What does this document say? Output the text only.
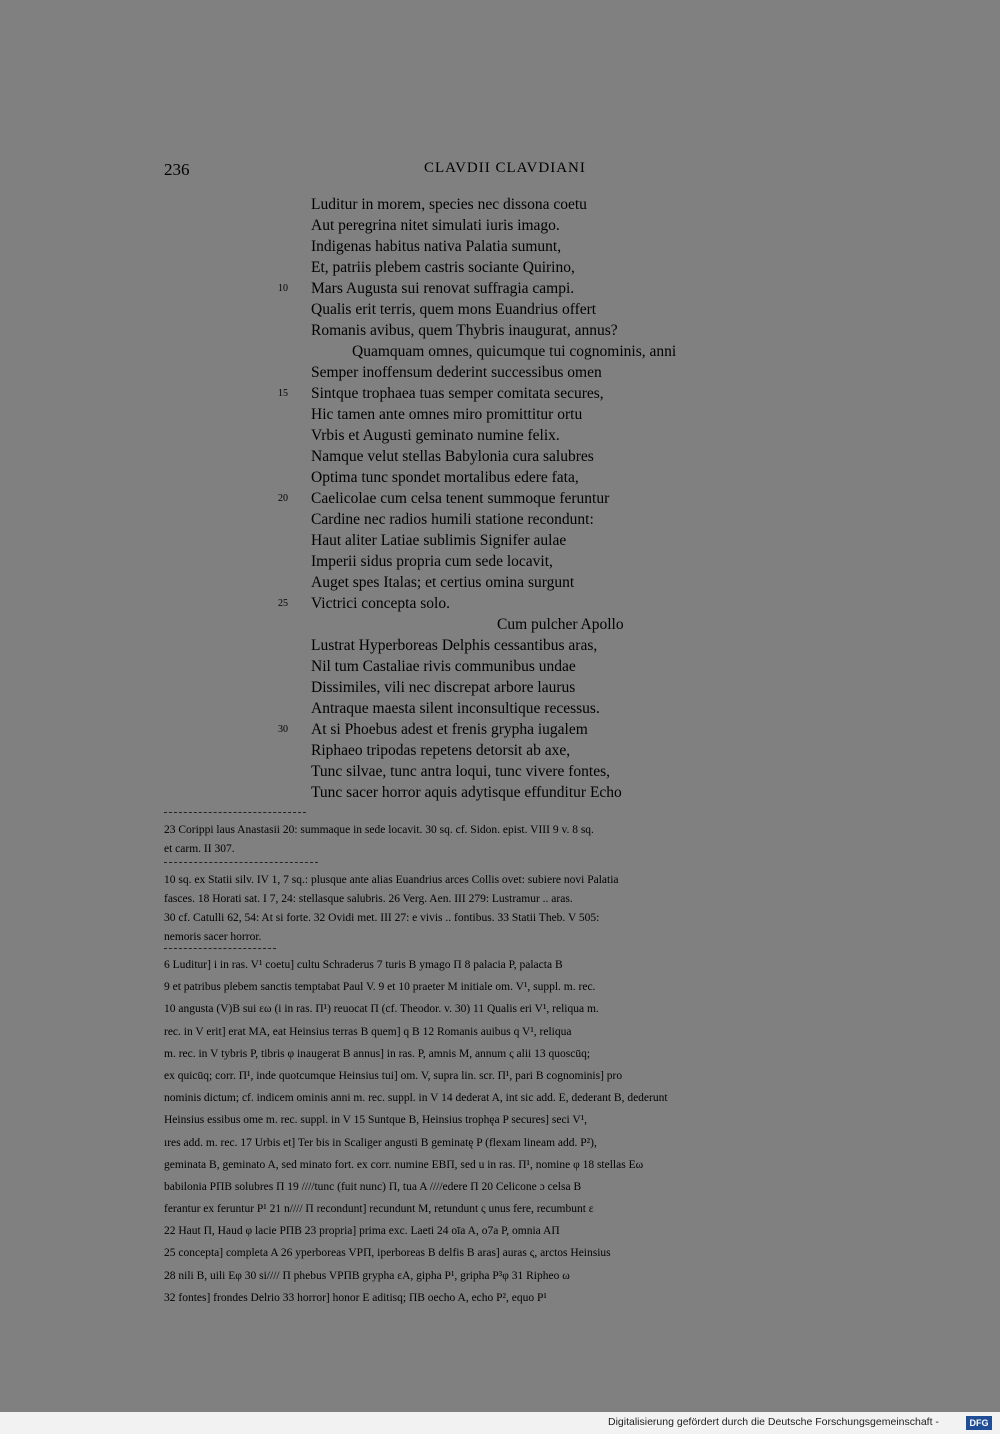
236	CLAVDII CLAVDIANI
Luditur in morem, species nec dissona coetu
Aut peregrina nitet simulati iuris imago.
Indigenas habitus nativa Palatia sumunt,
Et, patriis plebem castris sociante Quirino,
10 Mars Augusta sui renovat suffragia campi.
Qualis erit terris, quem mons Euandrius offert
Romanis avibus, quem Thybris inaugurat, annus?
Quamquam omnes, quicumque tui cognominis, anni
Semper inoffensum dederint successibus omen
15 Sintque trophaea tuas semper comitata secures,
Hic tamen ante omnes miro promittitur ortu
Vrbis et Augusti geminato numine felix.
Namque velut stellas Babylonia cura salubres
Optima tunc spondet mortalibus edere fata,
20 Caelicolae cum celsa tenent summoque feruntur
Cardine nec radios humili statione recondunt:
Haut aliter Latiae sublimis Signifer aulae
Imperii sidus propria cum sede locavit,
Auget spes Italas; et certius omina surgunt
25 Victrici concepta solo.
Cum pulcher Apollo
Lustrat Hyperboreas Delphis cessantibus aras,
Nil tum Castaliae rivis communibus undae
Dissimiles, vili nec discrepat arbore laurus
Antraque maesta silent inconsultique recessus.
30 At si Phoebus adest et frenis grypha iugalem
Riphaeo tripodas repetens detorsit ab axe,
Tunc silvae, tunc antra loqui, tunc vivere fontes,
Tunc sacer horror aquis adytisque effunditur Echo
23 Corippi laus Anastasii 20: summaque in sede locavit. 30 sq. cf. Sidon. epist. VIII 9 v. 8 sq.
et carm. II 307.
10 sq. ex Statii silv. IV 1, 7 sq.: plusque ante alias Euandrius arces Collis ovet: subiere novi Palatia
fasces. 18 Horati sat. I 7, 24: stellasque salubris. 26 Verg. Aen. III 279: Lustramur .. aras.
30 cf. Catulli 62, 54: At si forte. 32 Ovidi met. III 27: e vivis .. fontibus. 33 Statii Theb. V 505:
nemoris sacer horror.
6 Luditur] i in ras. V¹ coetu] cultu Schraderus 7 turis B ymago Π 8 palacia P, palacta B
9 et patribus plebem sanctis temptabat Paul V. 9 et 10 praeter M initiale om. V¹, suppl. m. rec.
10 angusta (V)B sui εω (i in ras. Π¹) reuocat Π (cf. Theodor. v. 30) 11 Qualis eri V¹, reliqua m.
rec. in V erit] erat MA, eat Heinsius terras B quem] q B 12 Romanis auibus q V¹, reliqua
m. rec. in V tybris P, tibris φ inaugerat B annus] in ras. P, amnis M, annum ς alii 13 quoscūq;
ex quicūq; corr. Π¹, inde quotcumque Heinsius tui] om. V, supra lin. scr. Π¹, pari B cognominis] pro
nominis dictum; cf. indicem ominis anni m. rec. suppl. in V 14 dederat A, int sic add. E, dederant B, dederunt
Heinsius essibus ome m. rec. suppl. in V 15 Suntque B, Heinsius trophęa P secures] seci V¹,
ıres add. m. rec. 17 Urbis et] Ter bis in Scaliger angusti B geminatę P (flexam lineam add. P²),
geminata B, geminato A, sed minato fort. ex corr. numine EBΠ, sed u in ras. Π¹, nomine φ 18 stellas Eω
babilonia PΠB solubres Π 19 ////tunc (fuit nunc) Π, tua A ////edere Π 20 Celicone ɔ celsa B
ferantur ex feruntur P¹ 21 n//// Π recondunt] recundunt M, retundunt ς unus fere, recumbunt ε
22 Haut Π, Haud φ lacie PΠB 23 propria] prima exc. Laeti 24 oīa A, o7a P, omnia AΠ
25 concepta] completa A 26 yperboreas VPΠ, iperboreas B delfis B aras] auras ς, arctos Heinsius
28 nili B, uili Eφ 30 si//// Π phebus VPΠB grypha εA, gipha P¹, gripha P³φ 31 Ripheo ω
32 fontes] frondes Delrio 33 horror] honor E aditisq; ΠB oecho A, echo P², equo P¹
Digitalisierung gefördert durch die Deutsche Forschungsgemeinschaft -	DFG
